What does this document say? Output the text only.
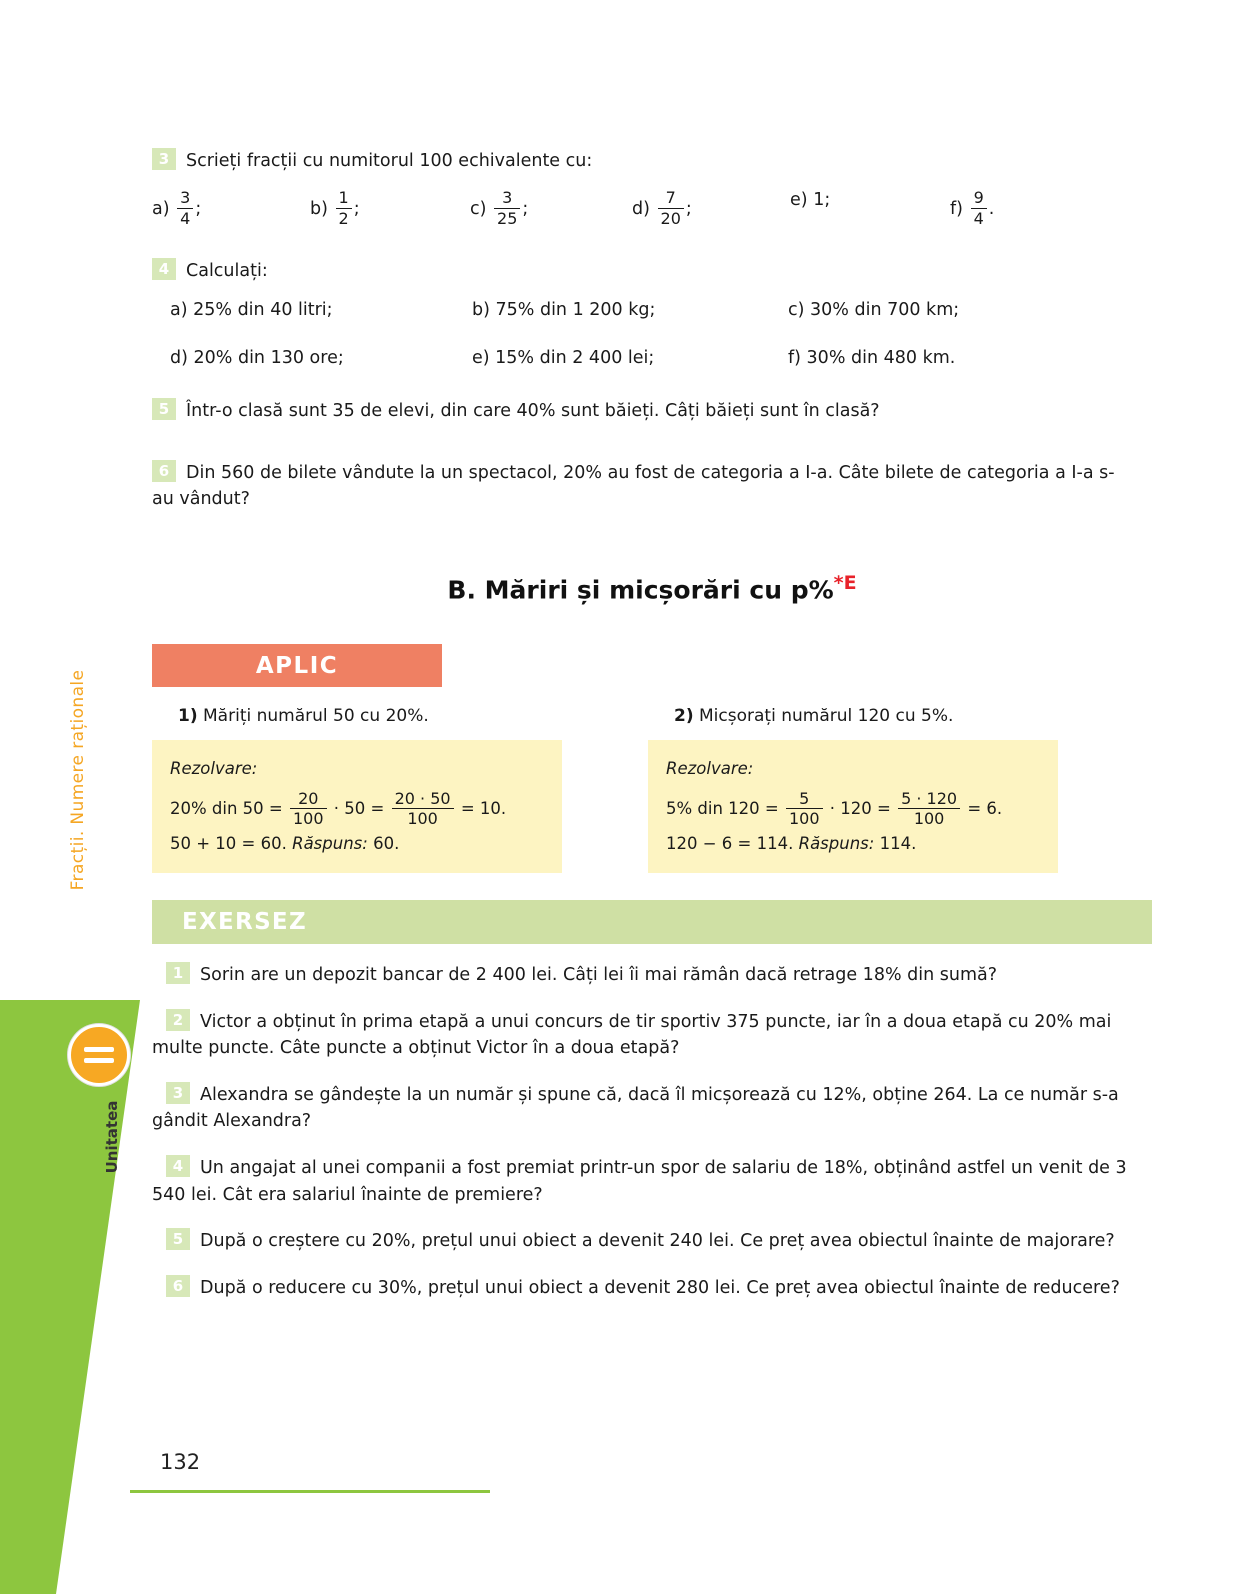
Fracții. Numere raționale
Unitatea
3 Scrieți fracții cu numitorul 100 echivalente cu:
$a) \frac{3}{4}$ ;	$b) \frac{1}{2}$ ;	$c) \frac{3}{25}$ ;	$d) \frac{7}{20}$ ;	e) 1;	$f) \frac{9}{4}$ .
4 Calculați:
a) 25% din 40 litri;	b) 75% din 1 200 kg;	c) 30% din 700 km;
d) 20% din 130 ore;	e) 15% din 2 400 lei;	f) 30% din 480 km.
5 Într-o clasă sunt 35 de elevi, din care 40% sunt băieți. Câți băieți sunt în clasă?
6 Din 560 de bilete vândute la un spectacol, 20% au fost de categoria a I-a. Câte bilete de categoria a I-a s-au vândut?
B. Măriri și micșorări cu p%$^{*E}$
APLIC
1) Măriți numărul 50 cu 20%.
Rezolvare:
20% din $50 = \frac{20}{100} \cdot 50 = \frac{20 \cdot 50}{100} = 10$.
50 + 10 = 60. Răspuns: 60.
2) Micșorați numărul 120 cu 5%.
Rezolvare:
5% din $120 = \frac{5}{100} \cdot 120 = \frac{5 \cdot 120}{100} = 6$.
120 − 6 = 114. Răspuns: 114.
EXERSEZ
1 Sorin are un depozit bancar de 2 400 lei. Câți lei îi mai rămân dacă retrage 18% din sumă?
2 Victor a obținut în prima etapă a unui concurs de tir sportiv 375 puncte, iar în a doua etapă cu 20% mai multe puncte. Câte puncte a obținut Victor în a doua etapă?
3 Alexandra se gândește la un număr și spune că, dacă îl micșorează cu 12%, obține 264. La ce număr s-a gândit Alexandra?
4 Un angajat al unei companii a fost premiat printr-un spor de salariu de 18%, obținând astfel un venit de 3 540 lei. Cât era salariul înainte de premiere?
5 După o creștere cu 20%, prețul unui obiect a devenit 240 lei. Ce preț avea obiectul înainte de majorare?
6 După o reducere cu 30%, prețul unui obiect a devenit 280 lei. Ce preț avea obiectul înainte de reducere?
132
